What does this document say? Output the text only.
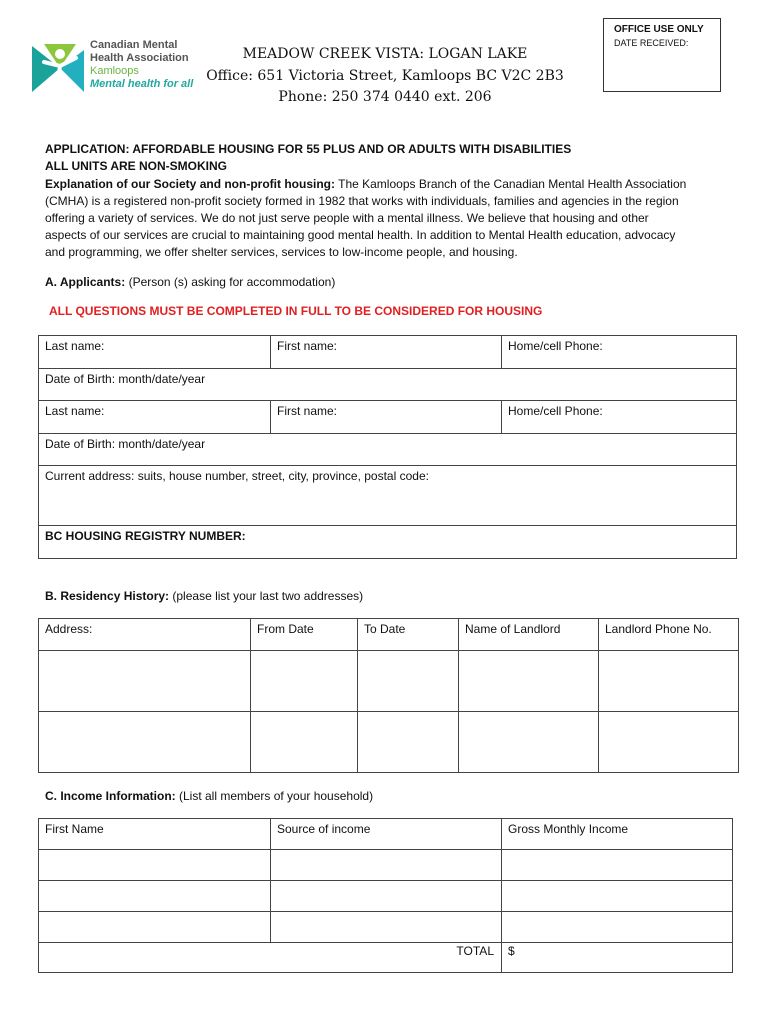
Canadian Mental
Health Association
Kamloops
Mental health for all
MEADOW CREEK VISTA: LOGAN LAKE
Office: 651 Victoria Street, Kamloops BC V2C 2B3
Phone: 250 374 0440 ext. 206
OFFICE USE ONLY
DATE RECEIVED:
APPLICATION: AFFORDABLE HOUSING FOR 55 PLUS AND OR ADULTS WITH DISABILITIES
ALL UNITS ARE NON-SMOKING
Explanation of our Society and non-profit housing: The Kamloops Branch of the Canadian Mental Health Association
(CMHA) is a registered non-profit society formed in 1982 that works with individuals, families and agencies in the region
offering a variety of services. We do not just serve people with a mental illness. We believe that housing and other
aspects of our services are crucial to maintaining good mental health. In addition to Mental Health education, advocacy
and programming, we offer shelter services, services to low-income people, and housing.
A. Applicants: (Person (s) asking for accommodation)
ALL QUESTIONS MUST BE COMPLETED IN FULL TO BE CONSIDERED FOR HOUSING
Last name:	First name:	Home/cell Phone:
Date of Birth: month/date/year
Last name:	First name:	Home/cell Phone:
Date of Birth: month/date/year
Current address: suits, house number, street, city, province, postal code:
BC HOUSING REGISTRY NUMBER:
B. Residency History: (please list your last two addresses)
Address:	From Date	To Date	Name of Landlord	Landlord Phone No.
C. Income Information: (List all members of your household)
First Name	Source of income	Gross Monthly Income
TOTAL $
